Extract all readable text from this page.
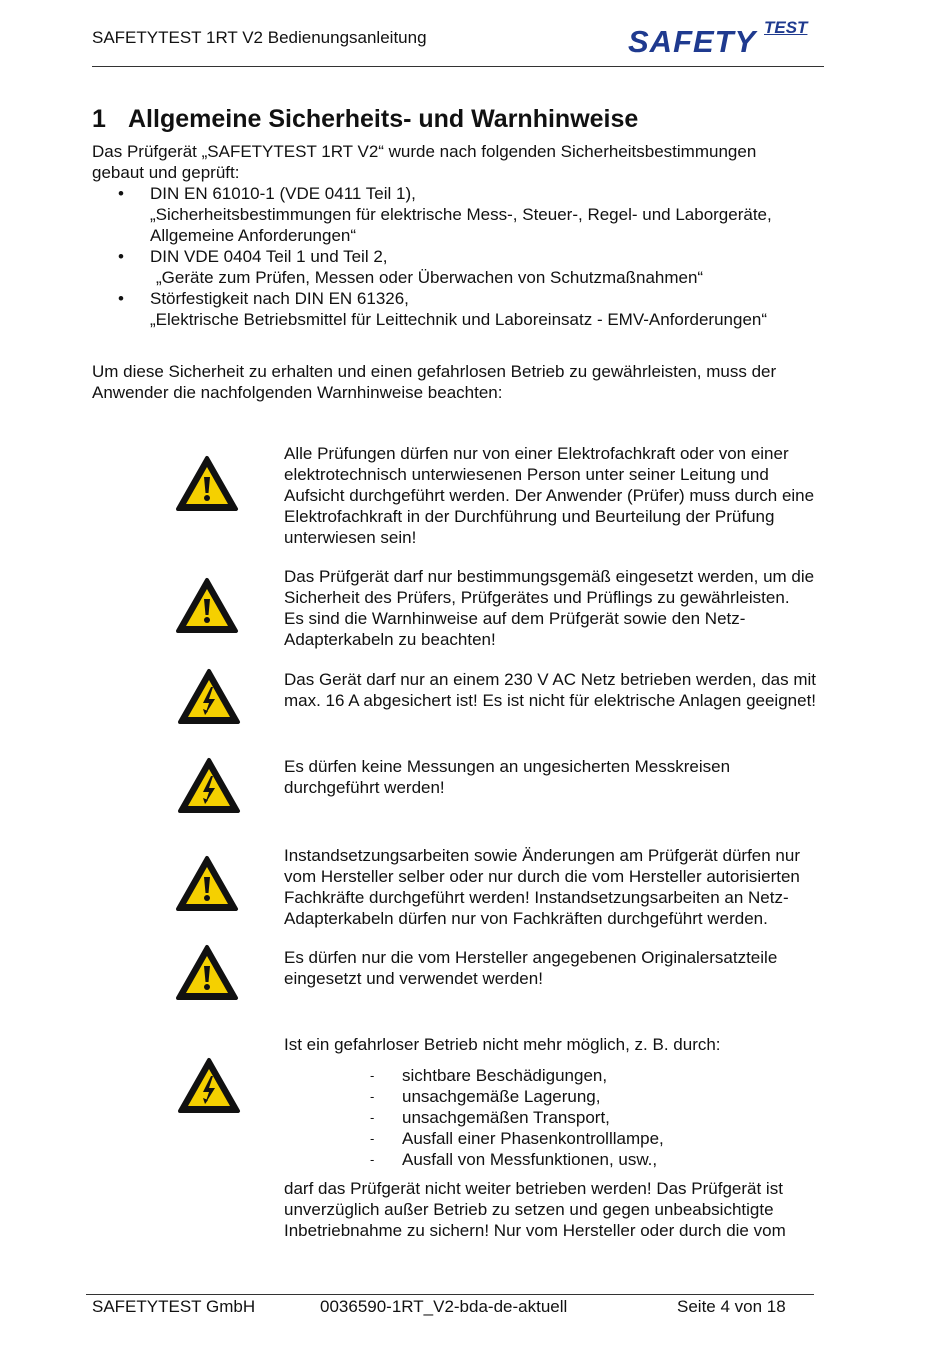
SAFETYTEST 1RT V2 Bedienungsanleitung	SAFETY TEST
1 Allgemeine Sicherheits- und Warnhinweise
Das Prüfgerät „SAFETYTEST 1RT V2“ wurde nach folgenden Sicherheitsbestimmungen
gebaut und geprüft:
• DIN EN 61010-1 (VDE 0411 Teil 1),
„Sicherheitsbestimmungen für elektrische Mess-, Steuer-, Regel- und Laborgeräte,
Allgemeine Anforderungen“
• DIN VDE 0404 Teil 1 und Teil 2,
„Geräte zum Prüfen, Messen oder Überwachen von Schutzmaßnahmen“
• Störfestigkeit nach DIN EN 61326,
„Elektrische Betriebsmittel für Leittechnik und Laboreinsatz - EMV-Anforderungen“
Um diese Sicherheit zu erhalten und einen gefahrlosen Betrieb zu gewährleisten, muss der
Anwender die nachfolgenden Warnhinweise beachten:
Alle Prüfungen dürfen nur von einer Elektrofachkraft oder von einer
elektrotechnisch unterwiesenen Person unter seiner Leitung und
Aufsicht durchgeführt werden. Der Anwender (Prüfer) muss durch eine
Elektrofachkraft in der Durchführung und Beurteilung der Prüfung
unterwiesen sein!
Das Prüfgerät darf nur bestimmungsgemäß eingesetzt werden, um die
Sicherheit des Prüfers, Prüfgerätes und Prüflings zu gewährleisten.
Es sind die Warnhinweise auf dem Prüfgerät sowie den Netz-
Adapterkabeln zu beachten!
Das Gerät darf nur an einem 230 V AC Netz betrieben werden, das mit
max. 16 A abgesichert ist! Es ist nicht für elektrische Anlagen geeignet!
Es dürfen keine Messungen an ungesicherten Messkreisen
durchgeführt werden!
Instandsetzungsarbeiten sowie Änderungen am Prüfgerät dürfen nur
vom Hersteller selber oder nur durch die vom Hersteller autorisierten
Fachkräfte durchgeführt werden! Instandsetzungsarbeiten an Netz-
Adapterkabeln dürfen nur von Fachkräften durchgeführt werden.
Es dürfen nur die vom Hersteller angegebenen Originalersatzteile
eingesetzt und verwendet werden!
Ist ein gefahrloser Betrieb nicht mehr möglich, z. B. durch:
- sichtbare Beschädigungen,
- unsachgemäße Lagerung,
- unsachgemäßen Transport,
- Ausfall einer Phasenkontrolllampe,
- Ausfall von Messfunktionen, usw.,
darf das Prüfgerät nicht weiter betrieben werden! Das Prüfgerät ist
unverzüglich außer Betrieb zu setzen und gegen unbeabsichtigte
Inbetriebnahme zu sichern! Nur vom Hersteller oder durch die vom
SAFETYTEST GmbH	0036590-1RT_V2-bda-de-aktuell	Seite 4 von 18
